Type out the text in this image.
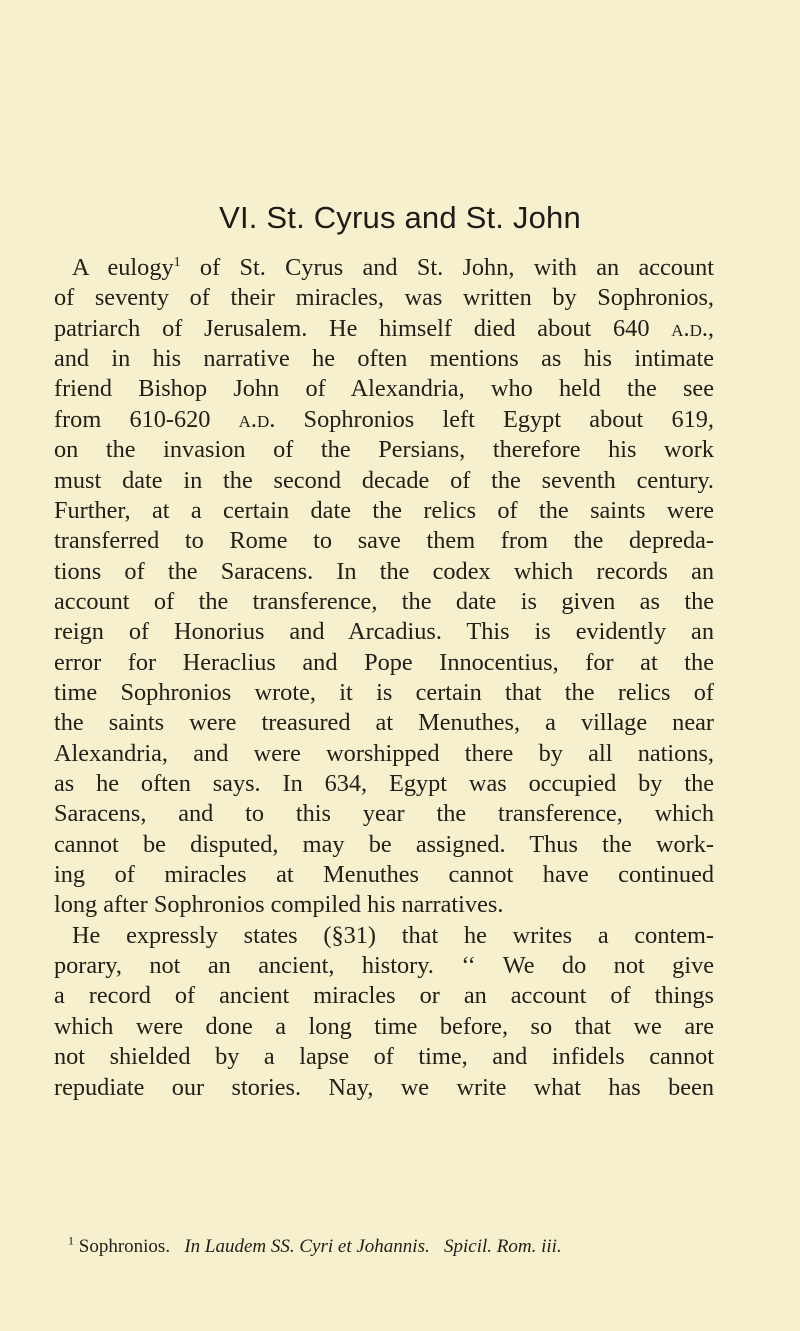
VI. St. Cyrus and St. John
A eulogy$^1$ of St. Cyrus and St. John, with an account
of seventy of their miracles, was written by Sophronios,
patriarch of Jerusalem. He himself died about 640 a.d.,
and in his narrative he often mentions as his intimate
friend Bishop John of Alexandria, who held the see
from 610-620 a.d. Sophronios left Egypt about 619,
on the invasion of the Persians, therefore his work
must date in the second decade of the seventh century.
Further, at a certain date the relics of the saints were
transferred to Rome to save them from the depreda-
tions of the Saracens. In the codex which records an
account of the transference, the date is given as the
reign of Honorius and Arcadius. This is evidently an
error for Heraclius and Pope Innocentius, for at the
time Sophronios wrote, it is certain that the relics of
the saints were treasured at Menuthes, a village near
Alexandria, and were worshipped there by all nations,
as he often says. In 634, Egypt was occupied by the
Saracens, and to this year the transference, which
cannot be disputed, may be assigned. Thus the work-
ing of miracles at Menuthes cannot have continued
long after Sophronios compiled his narratives.
He expressly states (§31) that he writes a contem-
porary, not an ancient, history. ‘‘ We do not give
a record of ancient miracles or an account of things
which were done a long time before, so that we are
not shielded by a lapse of time, and infidels cannot
repudiate our stories. Nay, we write what has been
$^1$ Sophronios. In Laudem SS. Cyri et Johannis. Spicil. Rom. iii.
